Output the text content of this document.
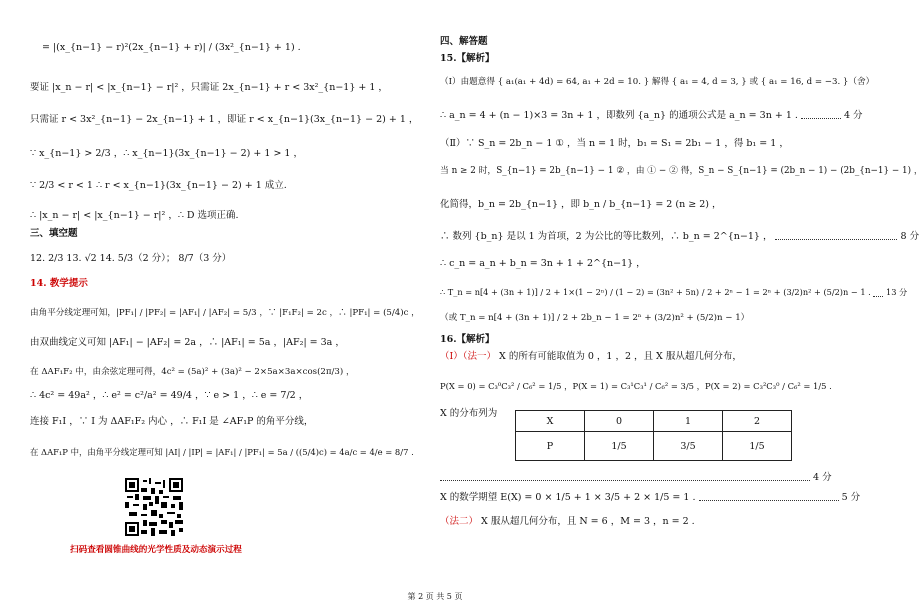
= |(x_{n−1} − r)²(2x_{n−1} + r)| / (3x²_{n−1} + 1) .
要证 |x_n − r| < |x_{n−1} − r|² ，只需证 2x_{n−1} + r < 3x²_{n−1} + 1 ，
只需证 r < 3x²_{n−1} − 2x_{n−1} + 1 ，即证 r < x_{n−1}(3x_{n−1} − 2) + 1 ，
∵ x_{n−1} > 2/3 ，∴ x_{n−1}(3x_{n−1} − 2) + 1 > 1 ，
∵ 2/3 < r < 1 ∴ r < x_{n−1}(3x_{n−1} − 2) + 1 成立.
∴ |x_n − r| < |x_{n−1} − r|² ，∴ D 选项正确.
三、填空题
12. 2/3 13. √2 14. 5/3（2 分）； 8/7（3 分）
14. 教学提示
由角平分线定理可知，|PF₁| / |PF₂| = |AF₁| / |AF₂| = 5/3 ，∵ |F₁F₂| = 2c ，∴ |PF₁| = (5/4)c ，
由双曲线定义可知 |AF₁| − |AF₂| = 2a ，∴ |AF₁| = 5a ，|AF₂| = 3a ，
在 ΔAF₁F₂ 中，由余弦定理可得，4c² = (5a)² + (3a)² − 2×5a×3a×cos(2π/3) ，
∴ 4c² = 49a² ，∴ e² = c²/a² = 49/4 ，∵ e > 1 ，∴ e = 7/2 ，
连接 F₁I ，∵ I 为 ΔAF₁F₂ 内心 ，∴ F₁I 是 ∠AF₁P 的角平分线，
在 ΔAF₁P 中，由角平分线定理可知 |AI| / |IP| = |AF₁| / |PF₁| = 5a / ((5/4)c) = 4a/c = 4/e = 8/7 .
扫码查看圆锥曲线的光学性质及动态演示过程
四、解答题
15.【解析】
（Ⅰ）由题意得 { a₁(a₁ + 4d) = 64, a₁ + 2d = 10. } 解得 { a₁ = 4, d = 3, } 或 { a₁ = 16, d = −3. }（舍）
∴ a_n = 4 + (n − 1)×3 = 3n + 1 ，即数列 {a_n} 的通项公式是 a_n = 3n + 1 .	4 分
（Ⅱ）∵ S_n = 2b_n − 1 ① ，当 n = 1 时，b₁ = S₁ = 2b₁ − 1 ，得 b₁ = 1 ，
当 n ≥ 2 时，S_{n−1} = 2b_{n−1} − 1 ② ，由 ① − ② 得，S_n − S_{n−1} = (2b_n − 1) − (2b_{n−1} − 1) ，
化简得，b_n = 2b_{n−1} ，即 b_n / b_{n−1} = 2 (n ≥ 2) ，
∴ 数列 {b_n} 是以 1 为首项，2 为公比的等比数列，∴ b_n = 2^{n−1} ，	8 分
∴ c_n = a_n + b_n = 3n + 1 + 2^{n−1} ，
∴ T_n = n[4 + (3n + 1)] / 2 + 1×(1 − 2ⁿ) / (1 − 2) = (3n² + 5n) / 2 + 2ⁿ − 1 = 2ⁿ + (3/2)n² + (5/2)n − 1 . 13 分
（或 T_n = n[4 + (3n + 1)] / 2 + 2b_n − 1 = 2ⁿ + (3/2)n² + (5/2)n − 1）
16.【解析】
（Ⅰ）（法一） X 的所有可能取值为 0 ，1 ，2 ，且 X 服从超几何分布，
P(X = 0) = C₃⁰C₃² / C₆² = 1/5 ，P(X = 1) = C₃¹C₃¹ / C₆² = 3/5 ，P(X = 2) = C₃²C₃⁰ / C₆² = 1/5 .
X 的分布列为
X	0	1	2
P	1/5	3/5	1/5
4 分
X 的数学期望 E(X) = 0 × 1/5 + 1 × 3/5 + 2 × 1/5 = 1 .	5 分
（法二） X 服从超几何分布，且 N = 6 ，M = 3 ，n = 2 .
第 2 页 共 5 页
